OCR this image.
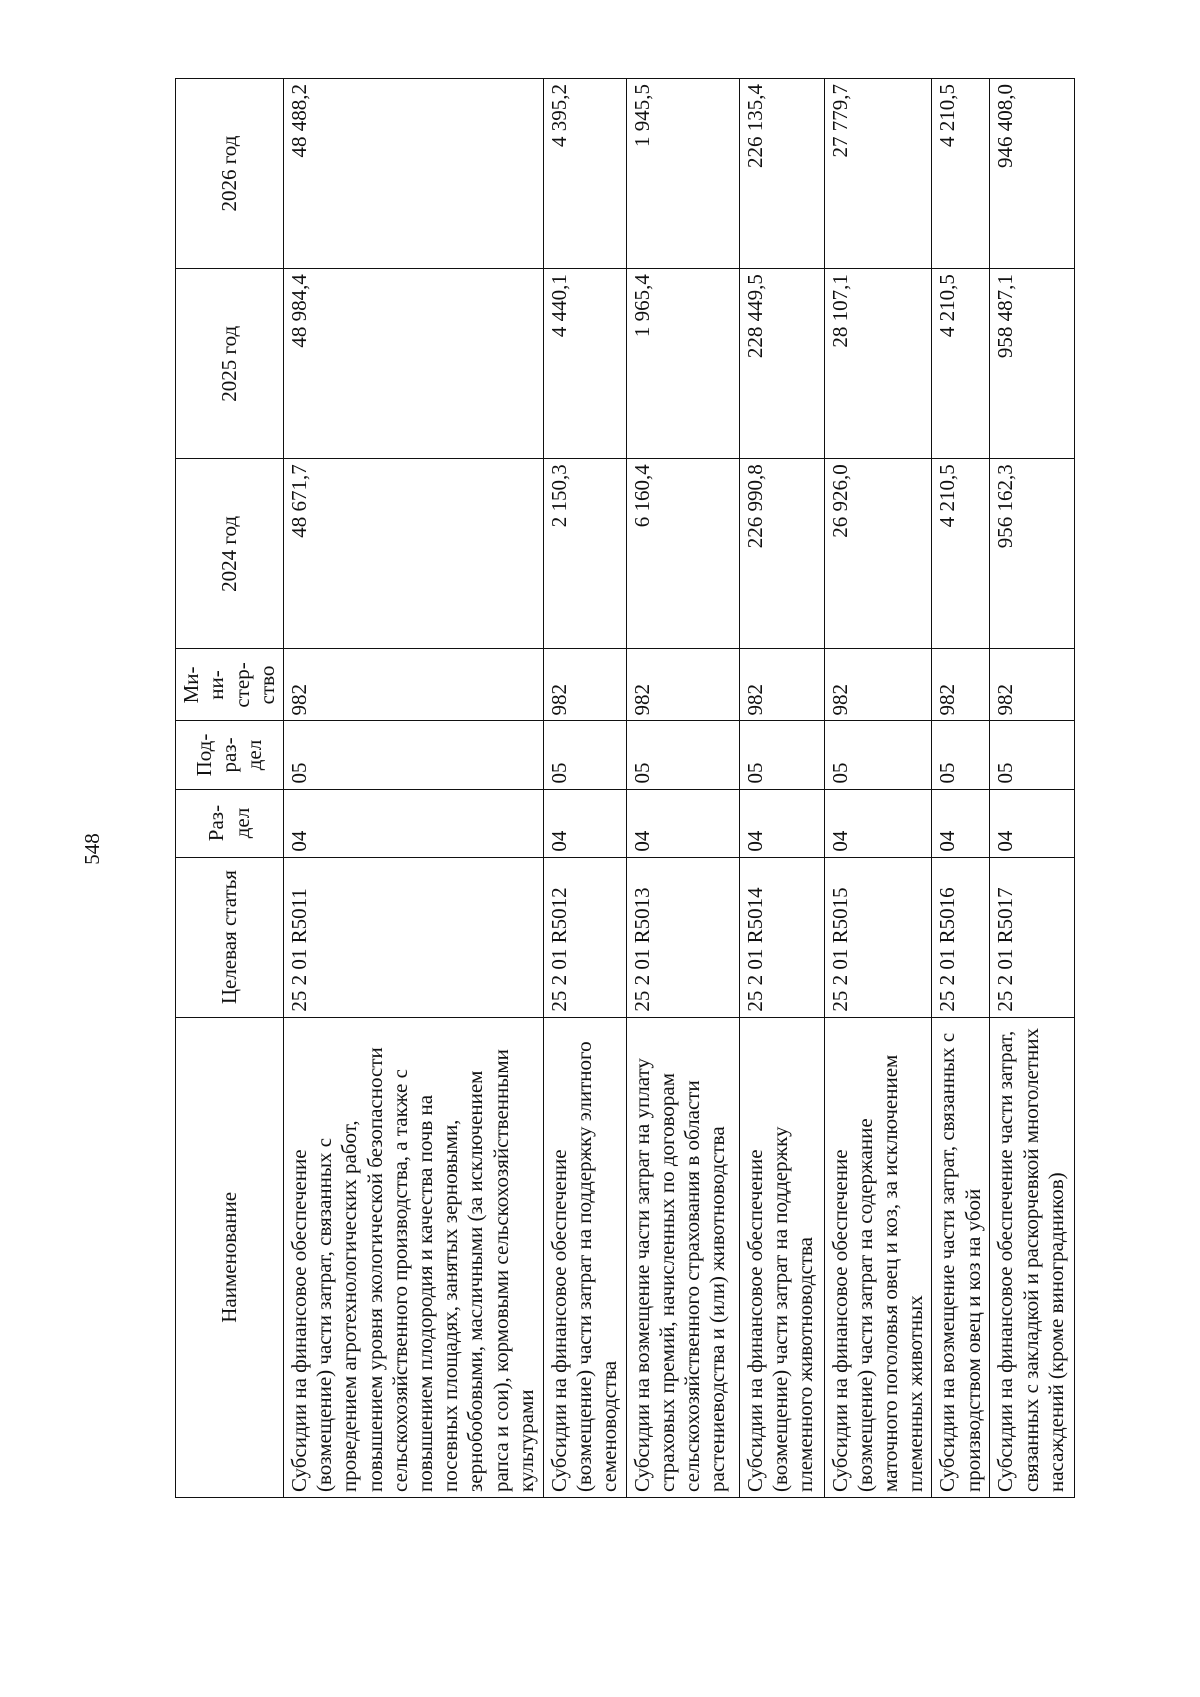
548
Наименование	Целевая статья	Раз-дел	Под-раз-дел	Ми-ни-стер-ство	2024 год	2025 год	2026 год
Субсидии на финансовое обеспечение (возмещение) части затрат, связанных с проведением агротехнологических работ, повышением уровня экологической безопасности сельскохозяйственного производства, а также с повышением плодородия и качества почв на посевных площадях, занятых зерновыми, зернобобовыми, масличными (за исключением рапса и сои), кормовыми сельскохозяйственными культурами	25 2 01 R5011	04	05	982	48 671,7	48 984,4	48 488,2
Субсидии на финансовое обеспечение (возмещение) части затрат на поддержку элитного семеноводства	25 2 01 R5012	04	05	982	2 150,3	4 440,1	4 395,2
Субсидии на возмещение части затрат на уплату страховых премий, начисленных по договорам сельскохозяйственного страхования в области растениеводства и (или) животноводства	25 2 01 R5013	04	05	982	6 160,4	1 965,4	1 945,5
Субсидии на финансовое обеспечение (возмещение) части затрат на поддержку племенного животноводства	25 2 01 R5014	04	05	982	226 990,8	228 449,5	226 135,4
Субсидии на финансовое обеспечение (возмещение) части затрат на содержание маточного поголовья овец и коз, за исключением племенных животных	25 2 01 R5015	04	05	982	26 926,0	28 107,1	27 779,7
Субсидии на возмещение части затрат, связанных с производством овец и коз на убой	25 2 01 R5016	04	05	982	4 210,5	4 210,5	4 210,5
Субсидии на финансовое обеспечение части затрат, связанных с закладкой и раскорчевкой многолетних насаждений (кроме виноградников)	25 2 01 R5017	04	05	982	956 162,3	958 487,1	946 408,0
